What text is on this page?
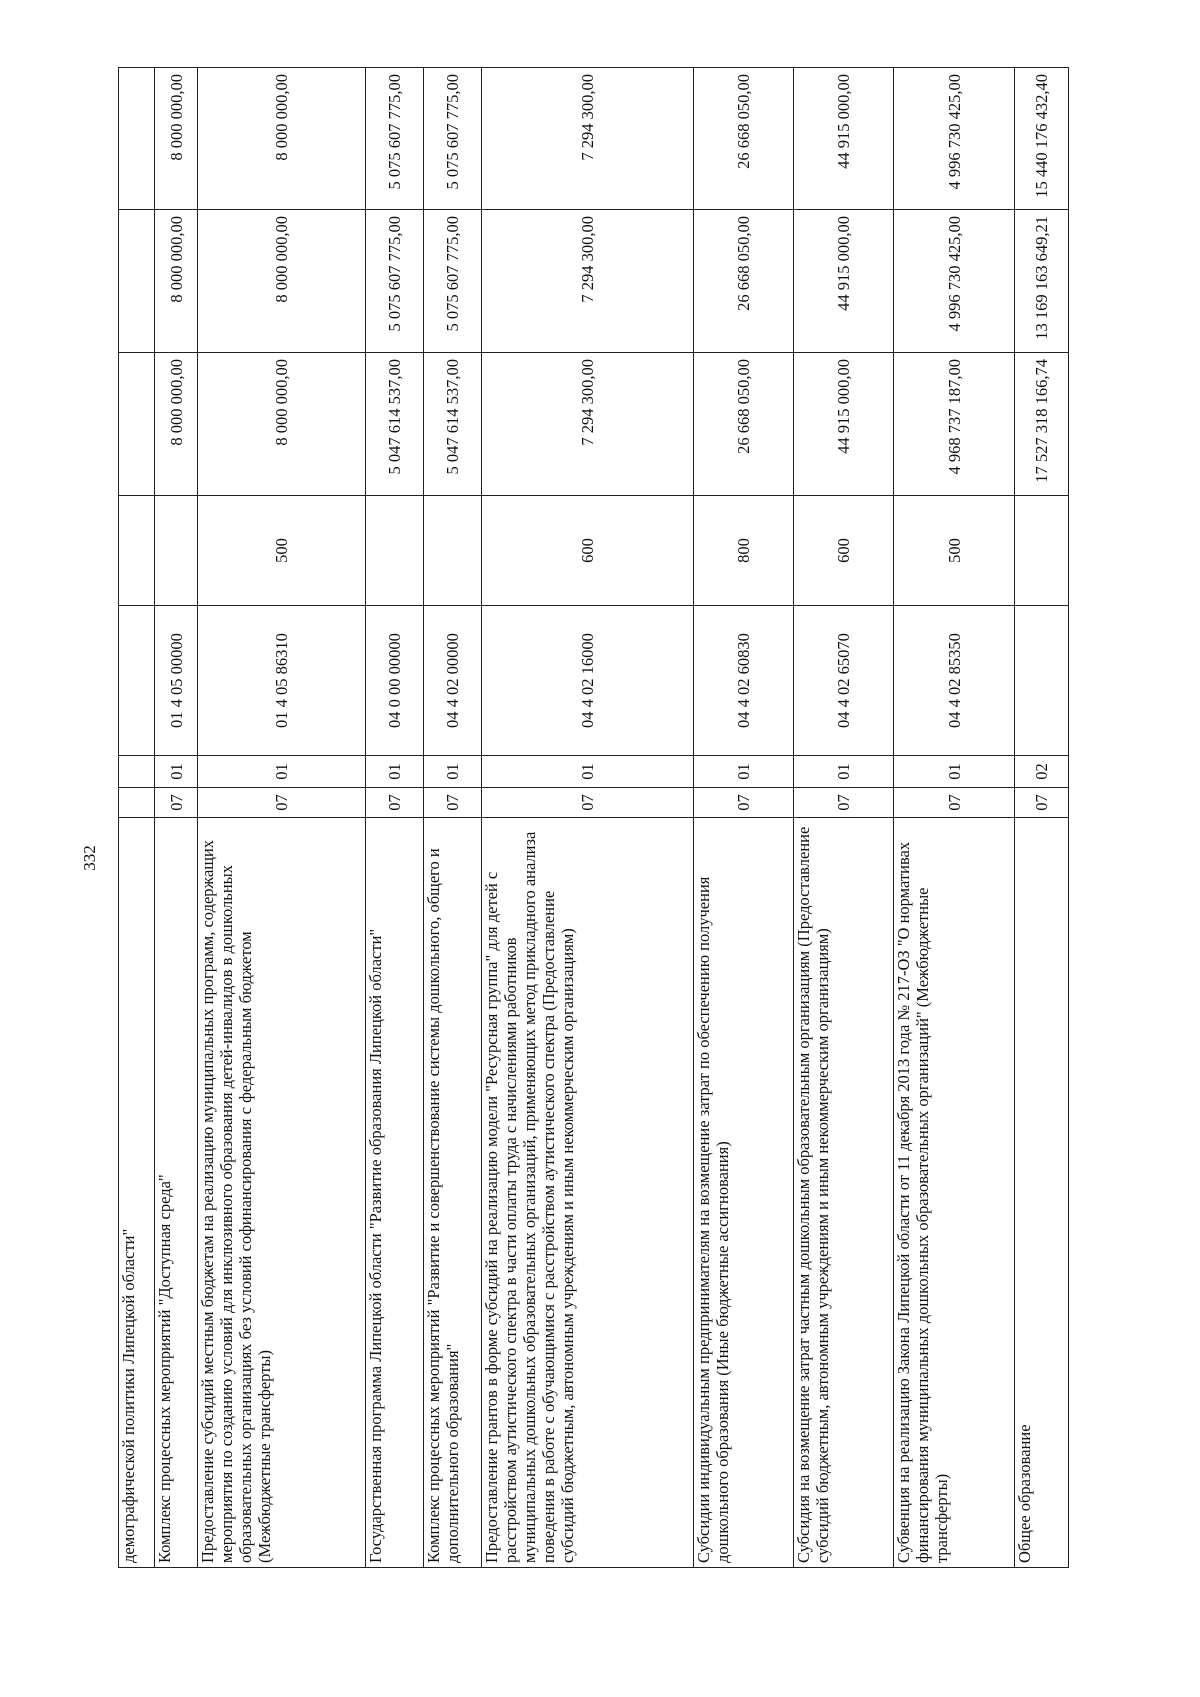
332
демографической политики Липецкой области"							
Комплекс процессных мероприятий "Доступная среда"	07	01	01 4 05 00000		8 000 000,00	8 000 000,00	8 000 000,00
Предоставление субсидий местным бюджетам на реализацию муниципальных программ, содержащих мероприятия по созданию условий для инклюзивного образования детей-инвалидов в дошкольных образовательных организациях без условий софинансирования с федеральным бюджетом (Межбюджетные трансферты)	07	01	01 4 05 86310	500	8 000 000,00	8 000 000,00	8 000 000,00
Государственная программа Липецкой области "Развитие образования Липецкой области"	07	01	04 0 00 00000		5 047 614 537,00	5 075 607 775,00	5 075 607 775,00
Комплекс процессных мероприятий "Развитие и совершенствование системы дошкольного, общего и дополнительного образования"	07	01	04 4 02 00000		5 047 614 537,00	5 075 607 775,00	5 075 607 775,00
Предоставление грантов в форме субсидий на реализацию модели "Ресурсная группа" для детей с расстройством аутистического спектра в части оплаты труда с начислениями работников муниципальных дошкольных образовательных организаций, применяющих метод прикладного анализа поведения в работе с обучающимися с расстройством аутистического спектра (Предоставление субсидий бюджетным, автономным учреждениям и иным некоммерческим организациям)	07	01	04 4 02 16000	600	7 294 300,00	7 294 300,00	7 294 300,00
Субсидии индивидуальным предпринимателям на возмещение затрат по обеспечению получения дошкольного образования (Иные бюджетные ассигнования)	07	01	04 4 02 60830	800	26 668 050,00	26 668 050,00	26 668 050,00
Субсидия на возмещение затрат частным дошкольным образовательным организациям (Предоставление субсидий бюджетным, автономным учреждениям и иным некоммерческим организациям)	07	01	04 4 02 65070	600	44 915 000,00	44 915 000,00	44 915 000,00
Субвенция на реализацию Закона Липецкой области от 11 декабря 2013 года № 217-ОЗ "О нормативах финансирования муниципальных дошкольных образовательных организаций" (Межбюджетные трансферты)	07	01	04 4 02 85350	500	4 968 737 187,00	4 996 730 425,00	4 996 730 425,00
Общее образование	07	02			17 527 318 166,74	13 169 163 649,21	15 440 176 432,40
